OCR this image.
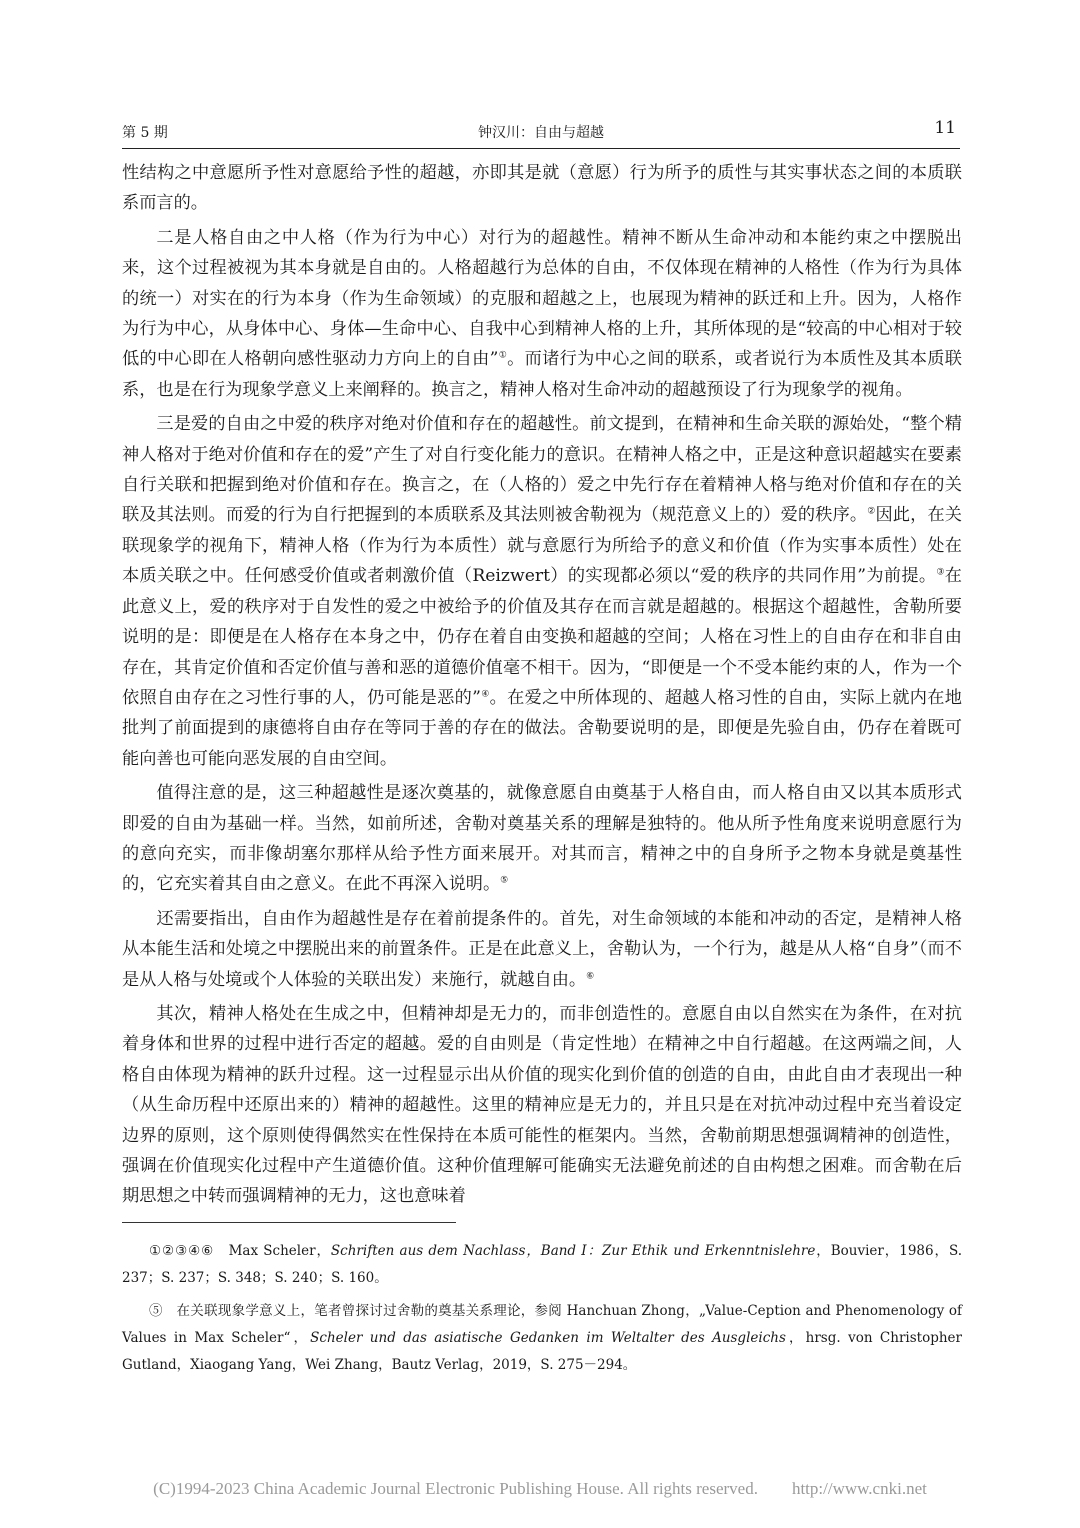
第 5 期	钟汉川：自由与超越	11

性结构之中意愿所予性对意愿给予性的超越，亦即其是就（意愿）行为所予的质性与其实事状态之间的本质联系而言的。

二是人格自由之中人格（作为行为中心）对行为的超越性。精神不断从生命冲动和本能约束之中摆脱出来，这个过程被视为其本身就是自由的。人格超越行为总体的自由，不仅体现在精神的人格性（作为行为具体的统一）对实在的行为本身（作为生命领域）的克服和超越之上，也展现为精神的跃迁和上升。因为，人格作为行为中心，从身体中心、身体—生命中心、自我中心到精神人格的上升，其所体现的是“较高的中心相对于较低的中心即在人格朝向感性驱动力方向上的自由”①。而诸行为中心之间的联系，或者说行为本质性及其本质联系，也是在行为现象学意义上来阐释的。换言之，精神人格对生命冲动的超越预设了行为现象学的视角。

三是爱的自由之中爱的秩序对绝对价值和存在的超越性。前文提到，在精神和生命关联的源始处，“整个精神人格对于绝对价值和存在的爱”产生了对自行变化能力的意识。在精神人格之中，正是这种意识超越实在要素自行关联和把握到绝对价值和存在。换言之，在（人格的）爱之中先行存在着精神人格与绝对价值和存在的关联及其法则。而爱的行为自行把握到的本质联系及其法则被舍勒视为（规范意义上的）爱的秩序。②因此，在关联现象学的视角下，精神人格（作为行为本质性）就与意愿行为所给予的意义和价值（作为实事本质性）处在本质关联之中。任何感受价值或者刺激价值（Reizwert）的实现都必须以“爱的秩序的共同作用”为前提。③在此意义上，爱的秩序对于自发性的爱之中被给予的价值及其存在而言就是超越的。根据这个超越性，舍勒所要说明的是：即便是在人格存在本身之中，仍存在着自由变换和超越的空间；人格在习性上的自由存在和非自由存在，其肯定价值和否定价值与善和恶的道德价值毫不相干。因为，“即便是一个不受本能约束的人，作为一个依照自由存在之习性行事的人，仍可能是恶的”④。在爱之中所体现的、超越人格习性的自由，实际上就内在地批判了前面提到的康德将自由存在等同于善的存在的做法。舍勒要说明的是，即便是先验自由，仍存在着既可能向善也可能向恶发展的自由空间。

值得注意的是，这三种超越性是逐次奠基的，就像意愿自由奠基于人格自由，而人格自由又以其本质形式即爱的自由为基础一样。当然，如前所述，舍勒对奠基关系的理解是独特的。他从所予性角度来说明意愿行为的意向充实，而非像胡塞尔那样从给予性方面来展开。对其而言，精神之中的自身所予之物本身就是奠基性的，它充实着其自由之意义。在此不再深入说明。⑤

还需要指出，自由作为超越性是存在着前提条件的。首先，对生命领域的本能和冲动的否定，是精神人格从本能生活和处境之中摆脱出来的前置条件。正是在此意义上，舍勒认为，一个行为，越是从人格“自身”（而不是从人格与处境或个人体验的关联出发）来施行，就越自由。⑥

其次，精神人格处在生成之中，但精神却是无力的，而非创造性的。意愿自由以自然实在为条件，在对抗着身体和世界的过程中进行否定的超越。爱的自由则是（肯定性地）在精神之中自行超越。在这两端之间，人格自由体现为精神的跃升过程。这一过程显示出从价值的现实化到价值的创造的自由，由此自由才表现出一种（从生命历程中还原出来的）精神的超越性。这里的精神应是无力的，并且只是在对抗冲动过程中充当着设定边界的原则，这个原则使得偶然实在性保持在本质可能性的框架内。当然，舍勒前期思想强调精神的创造性，强调在价值现实化过程中产生道德价值。这种价值理解可能确实无法避免前述的自由构想之困难。而舍勒在后期思想之中转而强调精神的无力，这也意味着

①②③④⑥　Max Scheler，Schriften aus dem Nachlass，Band I：Zur Ethik und Erkenntnislehre，Bouvier，1986，S. 237；S. 237；S. 348；S. 240；S. 160。
⑤　在关联现象学意义上，笔者曾探讨过舍勒的奠基关系理论，参阅 Hanchuan Zhong，„Value-Ception and Phenomenology of Values in Max Scheler“，Scheler und das asiatische Gedanken im Weltalter des Ausgleichs，hrsg. von Christopher Gutland，Xiaogang Yang，Wei Zhang，Bautz Verlag，2019，S. 275－294。
(C)1994-2023 China Academic Journal Electronic Publishing House. All rights reserved.　　http://www.cnki.net
